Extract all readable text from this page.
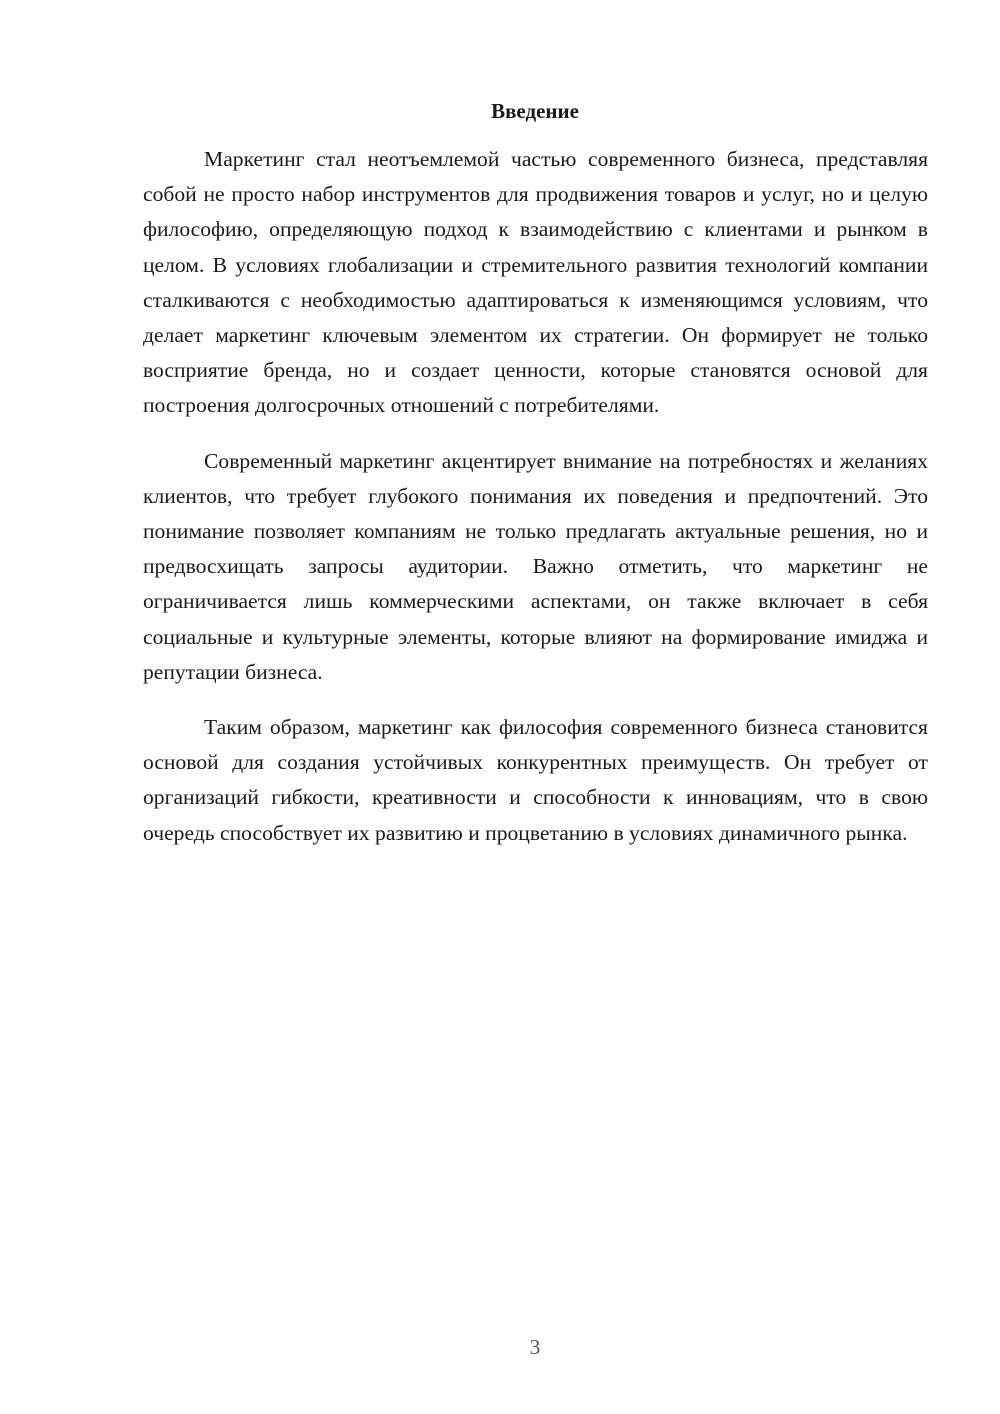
Введение

Маркетинг стал неотъемлемой частью современного бизнеса, представляя собой не просто набор инструментов для продвижения товаров и услуг, но и целую философию, определяющую подход к взаимодействию с клиентами и рынком в целом. В условиях глобализации и стремительного развития технологий компании сталкиваются с необходимостью адаптироваться к изменяющимся условиям, что делает маркетинг ключевым элементом их стратегии. Он формирует не только восприятие бренда, но и создает ценности, которые становятся основой для построения долгосрочных отношений с потребителями.

Современный маркетинг акцентирует внимание на потребностях и желаниях клиентов, что требует глубокого понимания их поведения и предпочтений. Это понимание позволяет компаниям не только предлагать актуальные решения, но и предвосхищать запросы аудитории. Важно отметить, что маркетинг не ограничивается лишь коммерческими аспектами, он также включает в себя социальные и культурные элементы, которые влияют на формирование имиджа и репутации бизнеса.

Таким образом, маркетинг как философия современного бизнеса становится основой для создания устойчивых конкурентных преимуществ. Он требует от организаций гибкости, креативности и способности к инновациям, что в свою очередь способствует их развитию и процветанию в условиях динамичного рынка.

3
